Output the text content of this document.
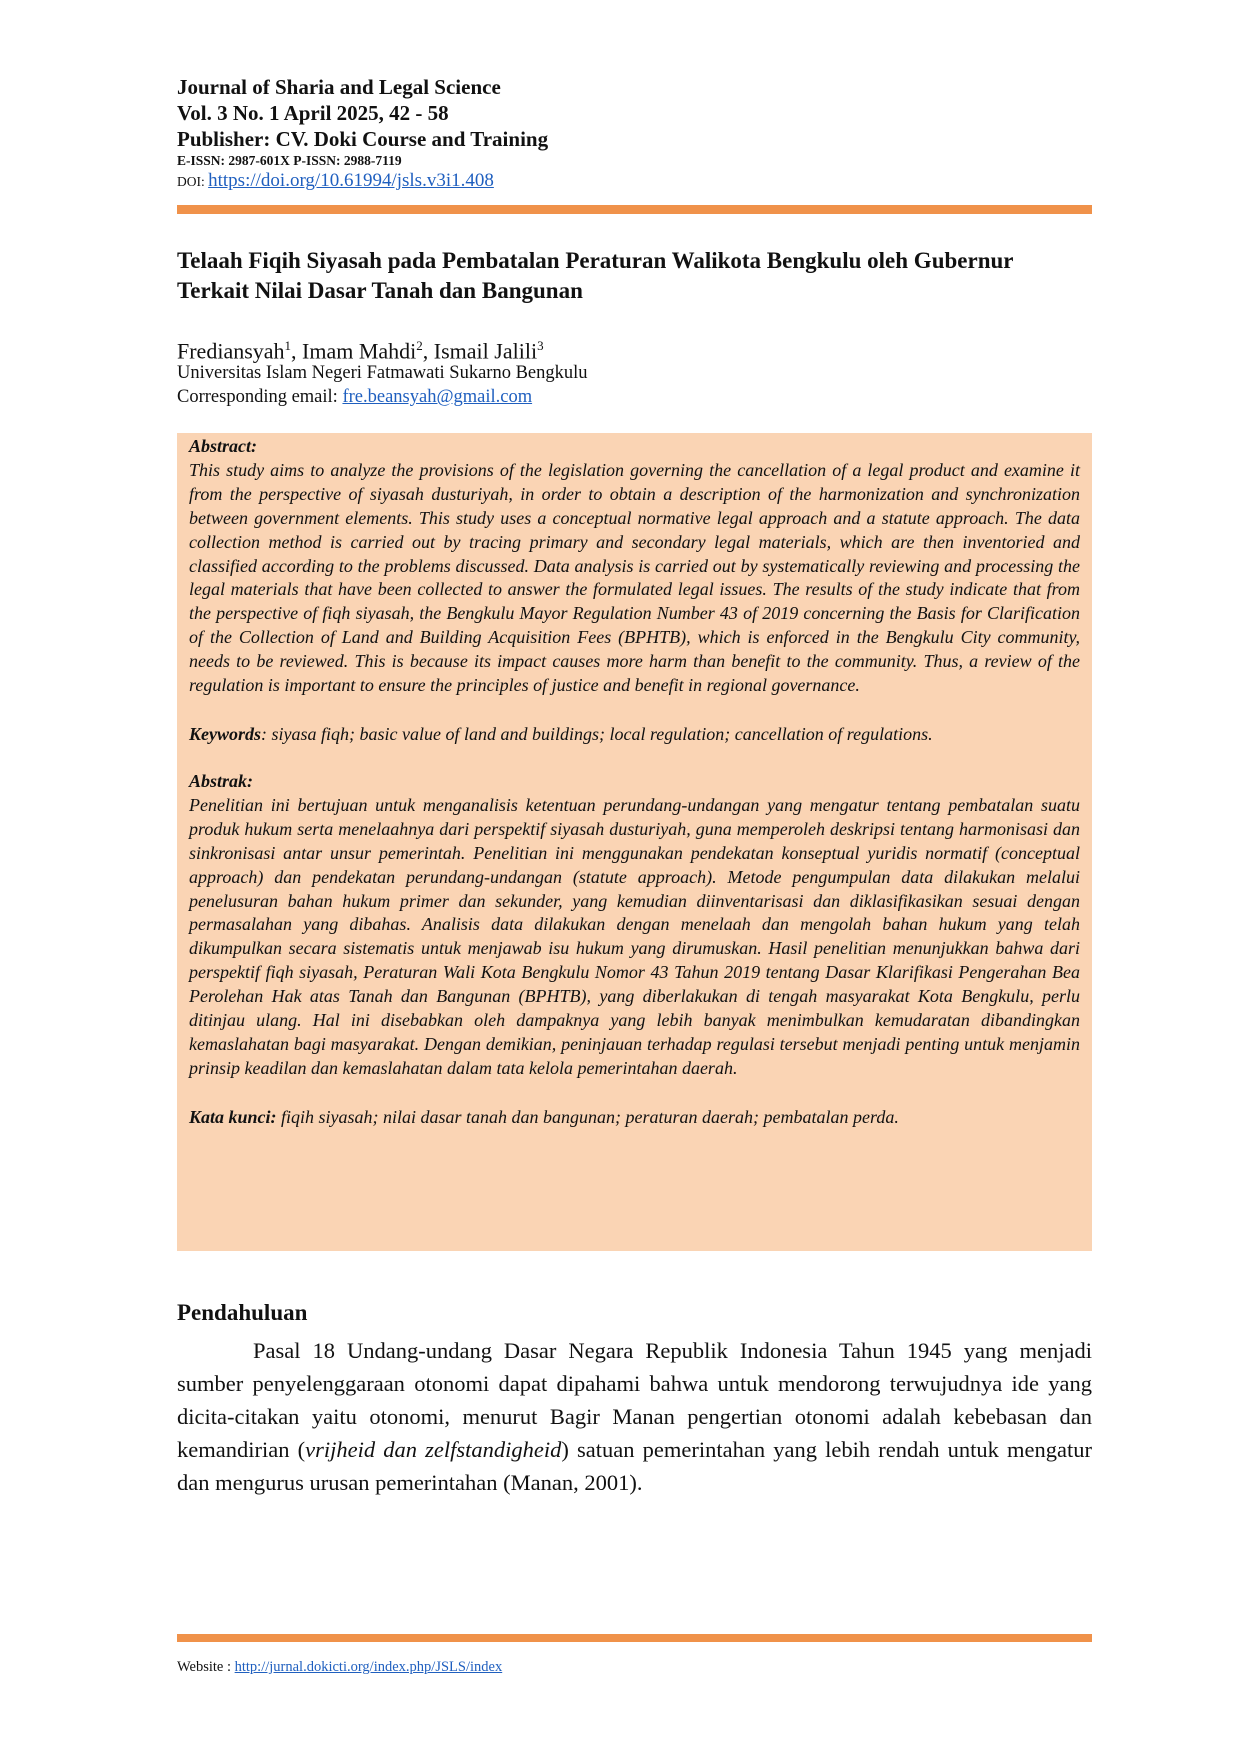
Journal of Sharia and Legal Science
Vol. 3 No. 1 April 2025, 42 - 58
Publisher: CV. Doki Course and Training
E-ISSN: 2987-601X P-ISSN: 2988-7119
DOI: https://doi.org/10.61994/jsls.v3i1.408
Telaah Fiqih Siyasah pada Pembatalan Peraturan Walikota Bengkulu oleh Gubernur
Terkait Nilai Dasar Tanah dan Bangunan
Frediansyah$^1$, Imam Mahdi$^2$, Ismail Jalili$^3$
Universitas Islam Negeri Fatmawati Sukarno Bengkulu
Corresponding email: fre.beansyah@gmail.com

Abstract:

This study aims to analyze the provisions of the legislation governing the cancellation of a legal product and examine it from the perspective of siyasah dusturiyah, in order to obtain a description of the harmonization and synchronization between government elements. This study uses a conceptual normative legal approach and a statute approach. The data collection method is carried out by tracing primary and secondary legal materials, which are then inventoried and classified according to the problems discussed. Data analysis is carried out by systematically reviewing and processing the legal materials that have been collected to answer the formulated legal issues. The results of the study indicate that from the perspective of fiqh siyasah, the Bengkulu Mayor Regulation Number 43 of 2019 concerning the Basis for Clarification of the Collection of Land and Building Acquisition Fees (BPHTB), which is enforced in the Bengkulu City community, needs to be reviewed. This is because its impact causes more harm than benefit to the community. Thus, a review of the regulation is important to ensure the principles of justice and benefit in regional governance.

Keywords: siyasa fiqh; basic value of land and buildings; local regulation; cancellation of regulations.

Abstrak:

Penelitian ini bertujuan untuk menganalisis ketentuan perundang-undangan yang mengatur tentang pembatalan suatu produk hukum serta menelaahnya dari perspektif siyasah dusturiyah, guna memperoleh deskripsi tentang harmonisasi dan sinkronisasi antar unsur pemerintah. Penelitian ini menggunakan pendekatan konseptual yuridis normatif (conceptual approach) dan pendekatan perundang-undangan (statute approach). Metode pengumpulan data dilakukan melalui penelusuran bahan hukum primer dan sekunder, yang kemudian diinventarisasi dan diklasifikasikan sesuai dengan permasalahan yang dibahas. Analisis data dilakukan dengan menelaah dan mengolah bahan hukum yang telah dikumpulkan secara sistematis untuk menjawab isu hukum yang dirumuskan. Hasil penelitian menunjukkan bahwa dari perspektif fiqh siyasah, Peraturan Wali Kota Bengkulu Nomor 43 Tahun 2019 tentang Dasar Klarifikasi Pengerahan Bea Perolehan Hak atas Tanah dan Bangunan (BPHTB), yang diberlakukan di tengah masyarakat Kota Bengkulu, perlu ditinjau ulang. Hal ini disebabkan oleh dampaknya yang lebih banyak menimbulkan kemudaratan dibandingkan kemaslahatan bagi masyarakat. Dengan demikian, peninjauan terhadap regulasi tersebut menjadi penting untuk menjamin prinsip keadilan dan kemaslahatan dalam tata kelola pemerintahan daerah.

Kata kunci: fiqih siyasah; nilai dasar tanah dan bangunan; peraturan daerah; pembatalan perda.

Pendahuluan

Pasal 18 Undang-undang Dasar Negara Republik Indonesia Tahun 1945 yang menjadi sumber penyelenggaraan otonomi dapat dipahami bahwa untuk mendorong terwujudnya ide yang dicita-citakan yaitu otonomi, menurut Bagir Manan pengertian otonomi adalah kebebasan dan kemandirian (vrijheid dan zelfstandigheid) satuan pemerintahan yang lebih rendah untuk mengatur dan mengurus urusan pemerintahan (Manan, 2001).

Website : http://jurnal.dokicti.org/index.php/JSLS/index
